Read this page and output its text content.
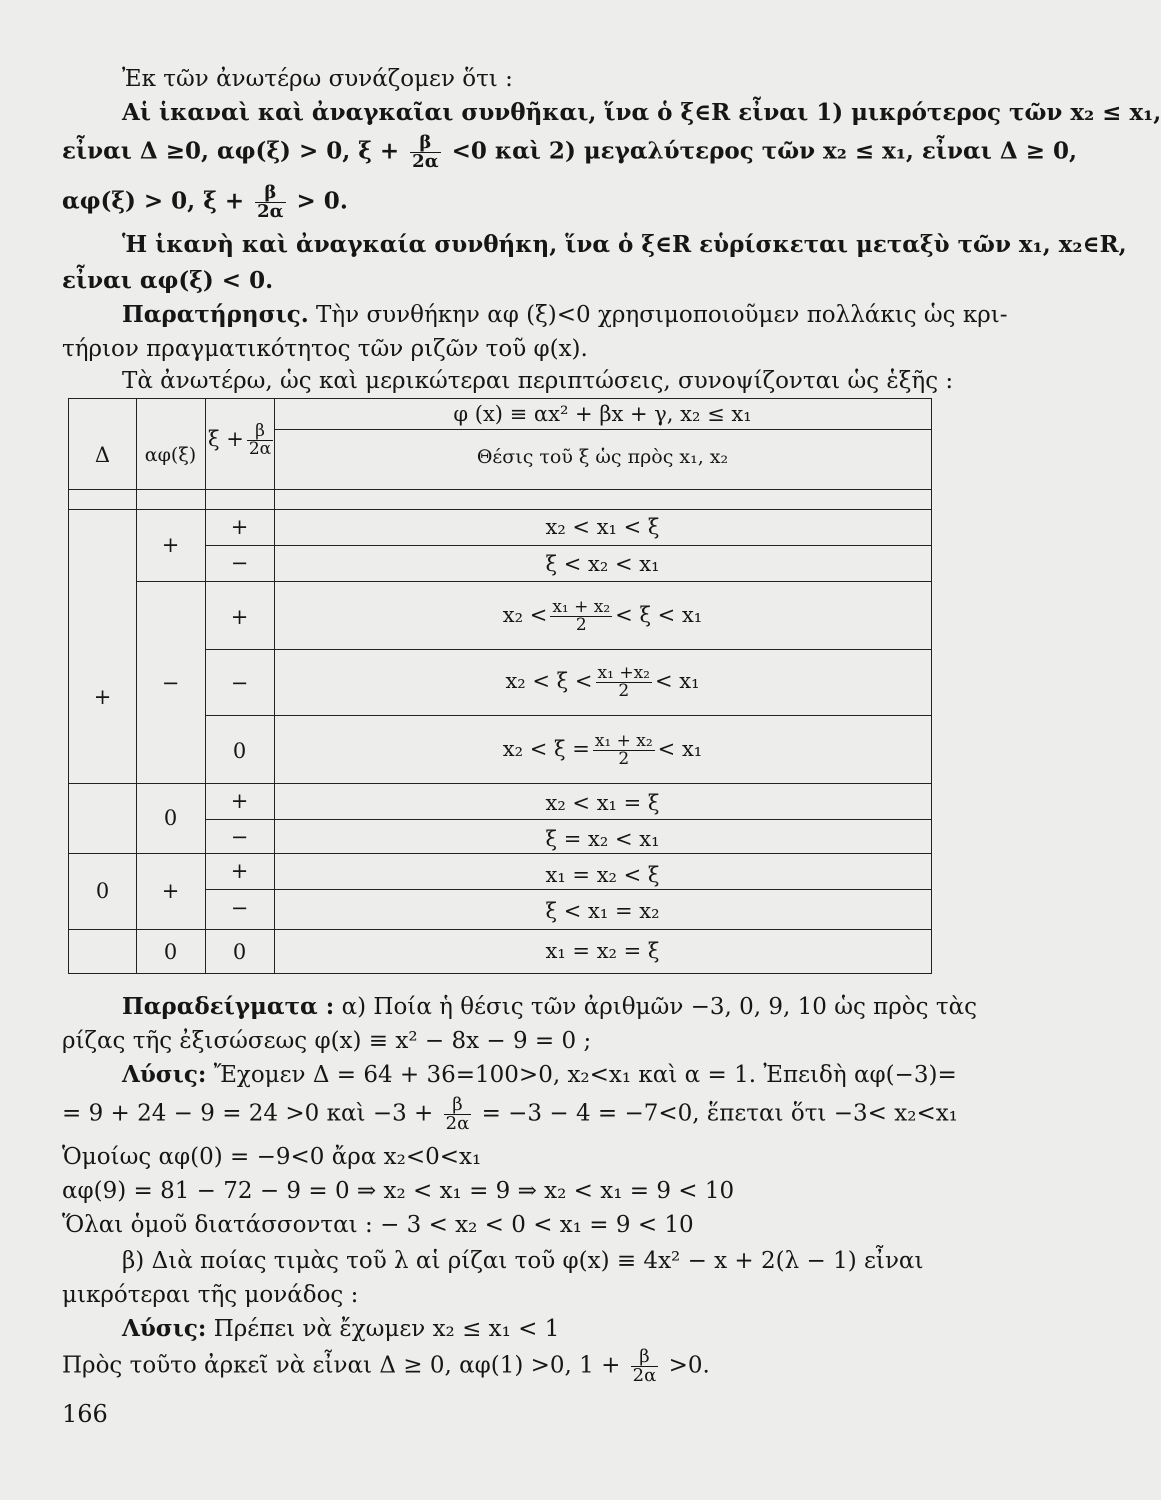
Ἐκ τῶν ἀνωτέρω συνάζομεν ὅτι :
Αἱ ἱκαναὶ καὶ ἀναγκαῖαι συνθῆκαι, ἵνα ὁ ξ∈R εἶναι 1) μικρότερος τῶν x₂ ≤ x₁,
εἶναι Δ ≥0, αφ(ξ) > 0, $\xi + \frac{\beta}{2\alpha} <0$ καὶ 2) μεγαλύτερος τῶν x₂ ≤ x₁, εἶναι Δ ≥ 0,
αφ(ξ) > 0, $\xi + \frac{\beta}{2\alpha} > 0$.
Ἡ ἱκανὴ καὶ ἀναγκαία συνθήκη, ἵνα ὁ ξ∈R εὑρίσκεται μεταξὺ τῶν x₁, x₂∈R,
εἶναι αφ(ξ) < 0.
Παρατήρησις. Τὴν συνθήκην αφ (ξ)<0 χρησιμοποιοῦμεν πολλάκις ὡς κρι-
τήριον πραγματικότητος τῶν ριζῶν τοῦ φ(x).
Τὰ ἀνωτέρω, ὡς καὶ μερικώτεραι περιπτώσεις, συνοψίζονται ὡς ἑξῆς :
φ (x) ≡ αx² + βx + γ, x₂ ≤ x₁
Δ	αφ(ξ)
$\xi + \frac{\beta}{2\alpha}$	Θέσις τοῦ ξ ὡς πρὸς x₁, x₂
+
0
+
−
0
+
0
+
−
+
−
0
+
−
+
−
0
x₂ < x₁ < ξ
ξ < x₂ < x₁
$x_2 < \frac{\text{x₁ + x₂}}{2} < \xi < x_1$
$x_2 < \xi < \frac{\text{x₁ +x₂}}{2} < x_1$
$x_2 < \xi = \frac{\text{x₁ + x₂}}{2} < x_1$
x₂ < x₁ = ξ
ξ = x₂ < x₁
x₁ = x₂ < ξ
ξ < x₁ = x₂
x₁ = x₂ = ξ
Παραδείγματα : α) Ποία ἡ θέσις τῶν ἀριθμῶν −3, 0, 9, 10 ὡς πρὸς τὰς
ρίζας τῆς ἐξισώσεως φ(x) ≡ x² − 8x − 9 = 0 ;
Λύσις: Ἔχομεν Δ = 64 + 36=100>0, x₂<x₁ καὶ α = 1. Ἐπειδὴ αφ(−3)=
= 9 + 24 − 9 = 24 >0 καὶ $-3 + \frac{\beta}{2\alpha} = -3 - 4 = -7<0$, ἕπεται ὅτι −3< x₂<x₁
Ὁμοίως αφ(0) = −9<0 ἄρα x₂<0<x₁
αφ(9) = 81 − 72 − 9 = 0 ⇒ x₂ < x₁ = 9 ⇒ x₂ < x₁ = 9 < 10
Ὅλαι ὁμοῦ διατάσσονται : − 3 < x₂ < 0 < x₁ = 9 < 10
β) Διὰ ποίας τιμὰς τοῦ λ αἱ ρίζαι τοῦ φ(x) ≡ 4x² − x + 2(λ − 1) εἶναι
μικρότεραι τῆς μονάδος :
Λύσις: Πρέπει νὰ ἔχωμεν x₂ ≤ x₁ < 1
Πρὸς τοῦτο ἀρκεῖ νὰ εἶναι Δ ≥ 0, αφ(1) >0, $1 + \frac{\beta}{2\alpha} >0$.
166
